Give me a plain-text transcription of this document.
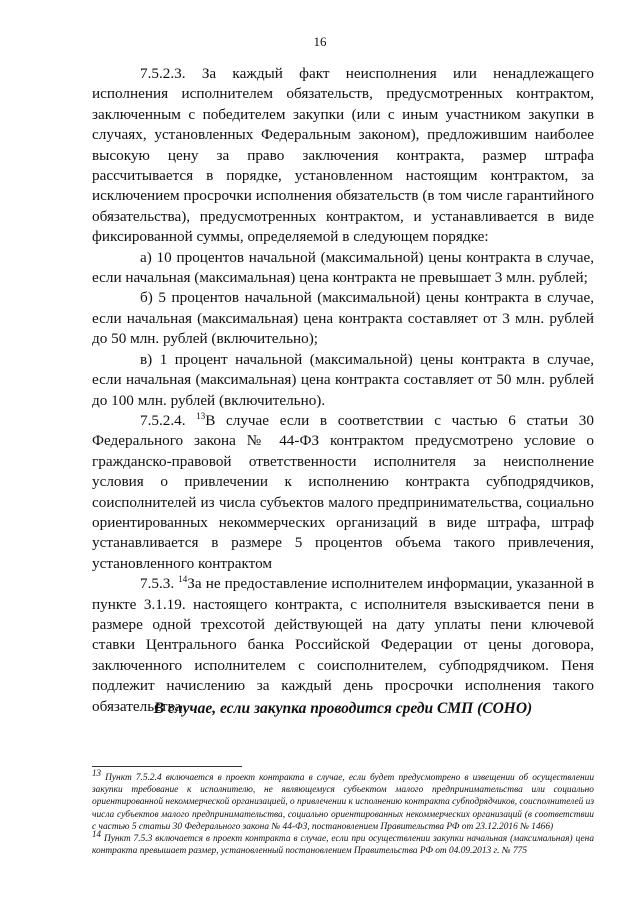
16

7.5.2.3. За каждый факт неисполнения или ненадлежащего исполнения исполнителем обязательств, предусмотренных контрактом, заключенным с победителем закупки (или с иным участником закупки в случаях, установленных Федеральным законом), предложившим наиболее высокую цену за право заключения контракта, размер штрафа рассчитывается в порядке, установленном настоящим контрактом, за исключением просрочки исполнения обязательств (в том числе гарантийного обязательства), предусмотренных контрактом, и устанавливается в виде фиксированной суммы, определяемой в следующем порядке:

а) 10 процентов начальной (максимальной) цены контракта в случае, если начальная (максимальная) цена контракта не превышает 3 млн. рублей;

б) 5 процентов начальной (максимальной) цены контракта в случае, если начальная (максимальная) цена контракта составляет от 3 млн. рублей до 50 млн. рублей (включительно);

в) 1 процент начальной (максимальной) цены контракта в случае, если начальная (максимальная) цена контракта составляет от 50 млн. рублей до 100 млн. рублей (включительно).

7.5.2.4. $^{13}$В случае если в соответствии с частью 6 статьи 30 Федерального закона № 44-ФЗ контрактом предусмотрено условие о гражданско-правовой ответственности исполнителя за неисполнение условия о привлечении к исполнению контракта субподрядчиков, соисполнителей из числа субъектов малого предпринимательства, социально ориентированных некоммерческих организаций в виде штрафа, штраф устанавливается в размере 5 процентов объема такого привлечения, установленного контрактом

7.5.3. $^{14}$За не предоставление исполнителем информации, указанной в пункте 3.1.19. настоящего контракта, с исполнителя взыскивается пени в размере одной трехсотой действующей на дату уплаты пени ключевой ставки Центрального банка Российской Федерации от цены договора, заключенного исполнителем с соисполнителем, субподрядчиком. Пеня подлежит начислению за каждый день просрочки исполнения такого обязательства

В случае, если закупка проводится среди СМП (СОНО)

$^{13}$ Пункт 7.5.2.4 включается в проект контракта в случае, если будет предусмотрено в извещении об осуществлении закупки требование к исполнителю, не являющемуся субъектом малого предпринимательства или социально ориентированной некоммерческой организацией, о привлечении к исполнению контракта субподрядчиков, соисполнителей из числа субъектов малого предпринимательства, социально ориентированных некоммерческих организаций (в соответствии с частью 5 статьи 30 Федерального закона № 44-ФЗ, постановлением Правительства РФ от 23.12.2016 № 1466)

$^{14}$ Пункт 7.5.3 включается в проект контракта в случае, если при осуществлении закупки начальная (максимальная) цена контракта превышает размер, установленный постановлением Правительства РФ от 04.09.2013 г. № 775
